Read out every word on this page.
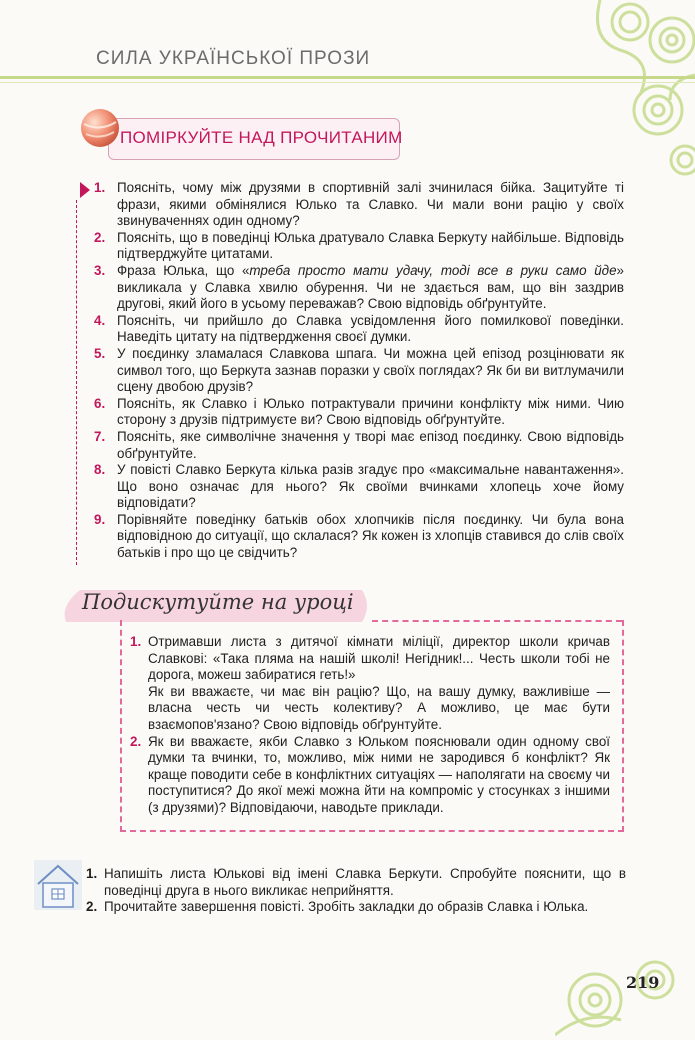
СИЛА УКРАЇНСЬКОЇ ПРОЗИ
ПОМІРКУЙТЕ НАД ПРОЧИТАНИМ
1. Поясніть, чому між друзями в спортивній залі зчинилася бійка. Зацитуйте ті фрази, якими обмінялися Юлько та Славко. Чи мали вони рацію у своїх звинуваченнях один одному?
2. Поясніть, що в поведінці Юлька дратувало Славка Беркуту найбільше. Відповідь підтверджуйте цитатами.
3. Фраза Юлька, що «треба просто мати удачу, тоді все в руки само йде» викликала у Славка хвилю обурення. Чи не здається вам, що він заздрив другові, який його в усьому переважав? Свою відповідь обґрунтуйте.
4. Поясніть, чи прийшло до Славка усвідомлення його помилкової поведінки. Наведіть цитату на підтвердження своєї думки.
5. У поєдинку зламалася Славкова шпага. Чи можна цей епізод розцінювати як символ того, що Беркута зазнав поразки у своїх поглядах? Як би ви витлумачили сцену двобою друзів?
6. Поясніть, як Славко і Юлько потрактували причини конфлікту між ними. Чию сторону з друзів підтримуєте ви? Свою відповідь обґрунтуйте.
7. Поясніть, яке символічне значення у творі має епізод поєдинку. Свою відповідь обґрунтуйте.
8. У повісті Славко Беркута кілька разів згадує про «максимальне навантаження». Що воно означає для нього? Як своїми вчинками хлопець хоче йому відповідати?
9. Порівняйте поведінку батьків обох хлопчиків після поєдинку. Чи була вона відповідною до ситуації, що склалася? Як кожен із хлопців ставився до слів своїх батьків і про що це свідчить?
Подискутуйте на уроці
1. Отримавши листа з дитячої кімнати міліції, директор школи кричав Славкові: «Така пляма на нашій школі! Негідник!... Честь школи тобі не дорога, можеш забиратися геть!»
Як ви вважаєте, чи має він рацію? Що, на вашу думку, важливіше — власна честь чи честь колективу? А можливо, це має бути взаємопов'язано? Свою відповідь обґрунтуйте.
2. Як ви вважаєте, якби Славко з Юльком пояснювали один одному свої думки та вчинки, то, можливо, між ними не зародився б конфлікт? Як краще поводити себе в конфліктних ситуаціях — наполягати на своєму чи поступитися? До якої межі можна йти на компроміс у стосунках з іншими (з друзями)? Відповідаючи, наводьте приклади.
1. Напишіть листа Юлькові від імені Славка Беркути. Спробуйте пояснити, що в поведінці друга в нього викликає неприйняття.
2. Прочитайте завершення повісті. Зробіть закладки до образів Славка і Юлька.
219
